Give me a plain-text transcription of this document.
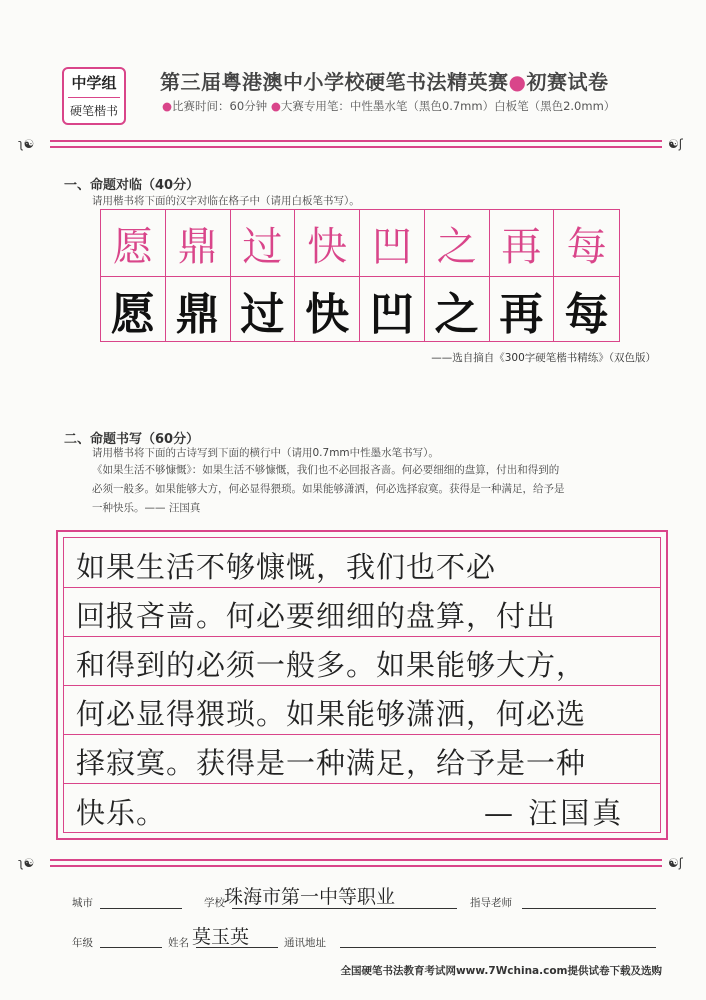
中学组
硬笔楷书
第三届粤港澳中小学校硬笔书法精英赛●初赛试卷
●比赛时间：60分钟 ●大赛专用笔：中性墨水笔（黑色0.7mm）白板笔（黑色2.0mm）
ʅ☯	☯ʃ
一、命题对临（40分）
请用楷书将下面的汉字对临在格子中（请用白板笔书写）。
愿 鼎 过 快 凹 之 再 每
愿 鼎 过 快 凹 之 再 每
——选自摘自《300字硬笔楷书精练》（双色版）
二、命题书写（60分）
请用楷书将下面的古诗写到下面的横行中（请用0.7mm中性墨水笔书写）。
《如果生活不够慷慨》：如果生活不够慷慨，我们也不必回报吝啬。何必要细细的盘算，付出和得到的
必须一般多。如果能够大方，何必显得猥琐。如果能够潇洒，何必选择寂寞。获得是一种满足，给予是
一种快乐。—— 汪国真
如果生活不够慷慨，我们也不必
回报吝啬。何必要细细的盘算，付出
和得到的必须一般多。如果能够大方，
何必显得猥琐。如果能够潇洒，何必选
择寂寞。获得是一种满足，给予是一种
快乐。	— 汪国真
ʅ☯	☯ʃ
城市	学校 珠海市第一中等职业	指导老师
年级	姓名 莫玉英	通讯地址
全国硬笔书法教育考试网www.7Wchina.com提供试卷下载及选购
